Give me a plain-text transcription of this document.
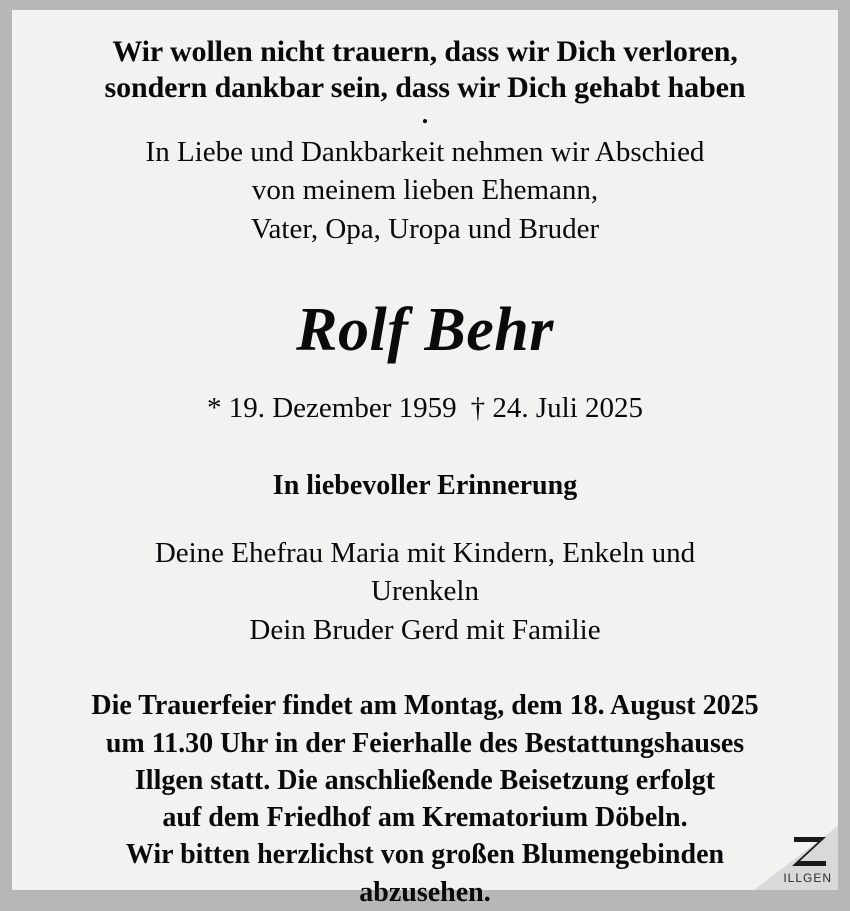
Wir wollen nicht trauern, dass wir Dich verloren,
sondern dankbar sein, dass wir Dich gehabt haben
.
In Liebe und Dankbarkeit nehmen wir Abschied
von meinem lieben Ehemann,
Vater, Opa, Uropa und Bruder
Rolf Behr
* 19. Dezember 1959 † 24. Juli 2025
In liebevoller Erinnerung
Deine Ehefrau Maria mit Kindern, Enkeln und
Urenkeln
Dein Bruder Gerd mit Familie
Die Trauerfeier findet am Montag, dem 18. August 2025
um 11.30 Uhr in der Feierhalle des Bestattungshauses
Illgen statt. Die anschließende Beisetzung erfolgt
auf dem Friedhof am Krematorium Döbeln.
Wir bitten herzlichst von großen Blumengebinden
abzusehen.	ILLGEN
